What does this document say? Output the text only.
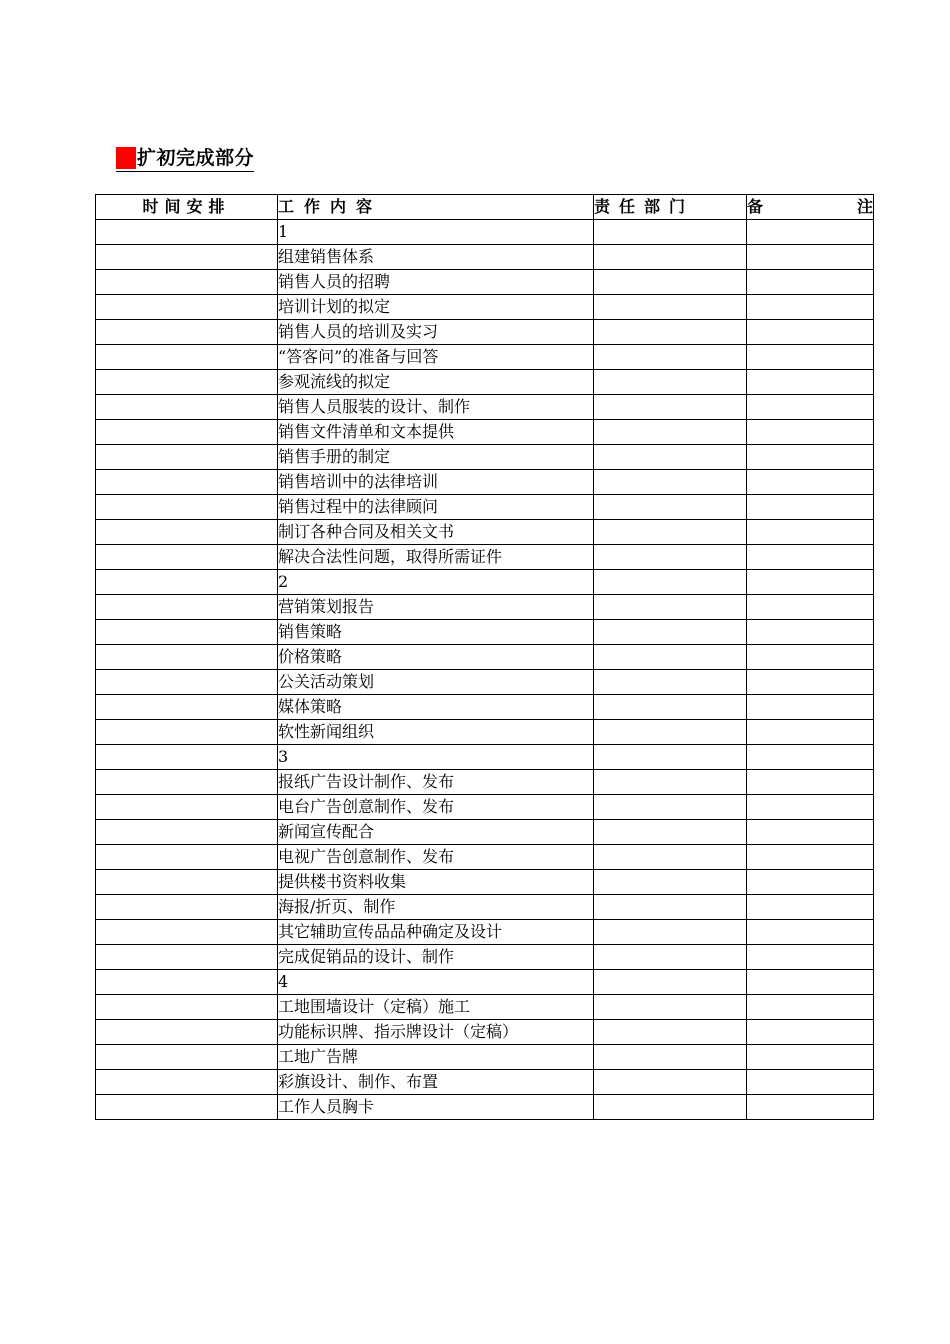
扩初完成部分
时间安排	工作内容	责任部门	备注
	1		
	组建销售体系		
	销售人员的招聘		
	培训计划的拟定		
	销售人员的培训及实习		
	“答客问”的准备与回答		
	参观流线的拟定		
	销售人员服装的设计、制作		
	销售文件清单和文本提供		
	销售手册的制定		
	销售培训中的法律培训		
	销售过程中的法律顾问		
	制订各种合同及相关文书		
	解决合法性问题，取得所需证件		
	2		
	营销策划报告		
	销售策略		
	价格策略		
	公关活动策划		
	媒体策略		
	软性新闻组织		
	3		
	报纸广告设计制作、发布		
	电台广告创意制作、发布		
	新闻宣传配合		
	电视广告创意制作、发布		
	提供楼书资料收集		
	海报/折页、制作		
	其它辅助宣传品品种确定及设计		
	完成促销品的设计、制作		
	4		
	工地围墙设计（定稿）施工		
	功能标识牌、指示牌设计（定稿）		
	工地广告牌		
	彩旗设计、制作、布置		
	工作人员胸卡		
